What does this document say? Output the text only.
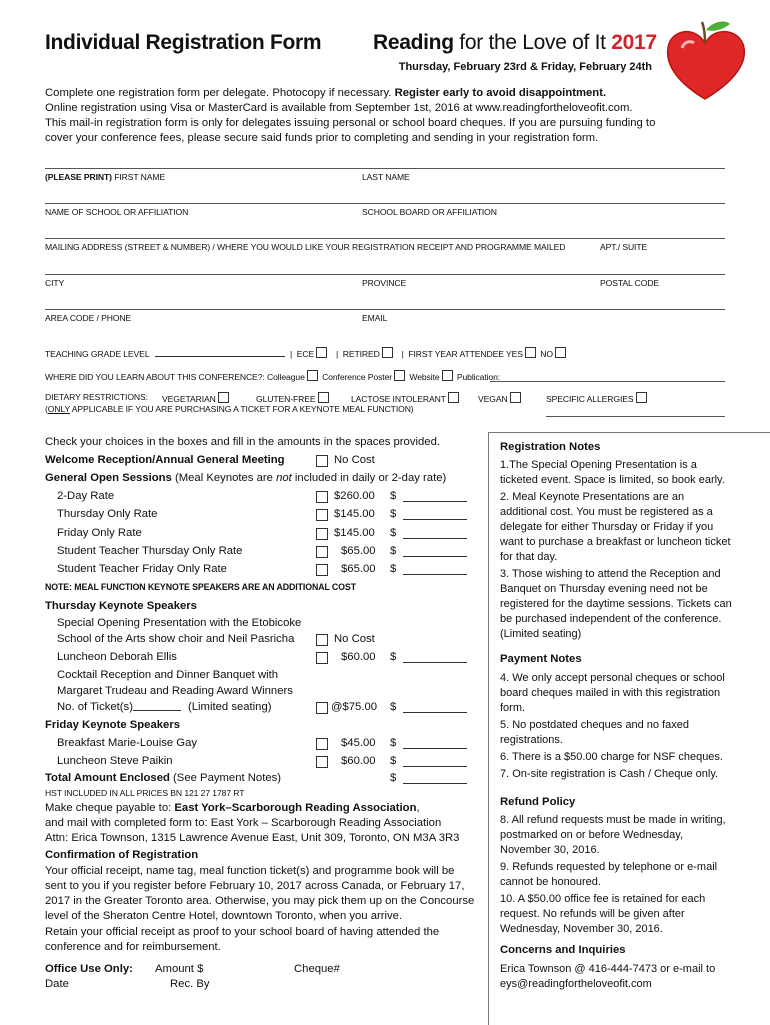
Individual Registration Form Reading for the Love of It 2017
Thursday, February 23rd & Friday, February 24th

Complete one registration form per delegate. Photocopy if necessary. Register early to avoid disappointment.

Online registration using Visa or MasterCard is available from September 1st, 2016 at www.readingfortheloveofit.com.

This mail-in registration form is only for delegates issuing personal or school board cheques. If you are pursuing funding to cover your conference fees, please secure said funds prior to completing and sending in your registration form.

(PLEASE PRINT) FIRST NAME	LAST NAME
NAME OF SCHOOL OR AFFILIATION	SCHOOL BOARD OR AFFILIATION
MAILING ADDRESS (STREET & NUMBER) / WHERE YOU WOULD LIKE YOUR REGISTRATION RECEIPT AND PROGRAMME MAILED	APT./ SUITE
CITY	PROVINCE	POSTAL CODE
AREA CODE / PHONE	EMAIL
TEACHING GRADE LEVEL	|  ECE   |  RETIRED   |  FIRST YEAR ATTENDEE YES NO
WHERE DID YOU LEARN ABOUT THIS CONFERENCE?: Colleague Conference Poster Website Publication:
DIETARY RESTRICTIONS: VEGETARIAN	GLUTEN-FREE	LACTOSE INTOLERANT	VEGAN	SPECIFIC ALLERGIES
(ONLY APPLICABLE IF YOU ARE PURCHASING A TICKET FOR A KEYNOTE MEAL FUNCTION)
Check your choices in the boxes and fill in the amounts in the spaces provided.
Welcome Reception/Annual General Meeting	No Cost
General Open Sessions (Meal Keynotes are not included in daily or 2-day rate)
2-Day Rate	$260.00 $
Thursday Only Rate	$145.00 $
Friday Only Rate	$145.00 $
Student Teacher Thursday Only Rate	$65.00 $
Student Teacher Friday Only Rate	$65.00 $
NOTE: MEAL FUNCTION KEYNOTE SPEAKERS ARE AN ADDITIONAL COST
Thursday Keynote Speakers
Special Opening Presentation with the Etobicoke
School of the Arts show choir and Neil Pasricha	No Cost
Luncheon Deborah Ellis	$60.00 $
Cocktail Reception and Dinner Banquet with
Margaret Trudeau and Reading Award Winners
No. of Ticket(s)	(Limited seating)	@$75.00 $
Friday Keynote Speakers
Breakfast Marie-Louise Gay	$45.00 $
Luncheon Steve Paikin	$60.00 $
Total Amount Enclosed (See Payment Notes)	$
HST INCLUDED IN ALL PRICES BN 121 27 1787 RT
Make cheque payable to: East York–Scarborough Reading Association,
and mail with completed form to: East York – Scarborough Reading Association
Attn: Erica Townson, 1315 Lawrence Avenue East, Unit 309, Toronto, ON M3A 3R3
Confirmation of Registration
Your official receipt, name tag, meal function ticket(s) and programme book will be sent to you if you register before February 10, 2017 across Canada, or February 17, 2017 in the Greater Toronto area. Otherwise, you may pick them up on the Concourse level of the Sheraton Centre Hotel, downtown Toronto, when you arrive.
Retain your official receipt as proof to your school board of having attended the conference and for reimbursement.
Office Use Only: Amount $	Cheque#
Date	Rec. By
Registration Notes
1.The Special Opening Presentation is a ticketed event. Space is limited, so book early.
2. Meal Keynote Presentations are an additional cost. You must be registered as a delegate for either Thursday or Friday if you want to purchase a breakfast or luncheon ticket for that day.
3. Those wishing to attend the Reception and Banquet on Thursday evening need not be registered for the daytime sessions. Tickets can be purchased independent of the conference. (Limited seating)
Payment Notes
4. We only accept personal cheques or school board cheques mailed in with this registration form.
5. No postdated cheques and no faxed registrations.
6. There is a $50.00 charge for NSF cheques.
7. On-site registration is Cash / Cheque only.
Refund Policy
8. All refund requests must be made in writing, postmarked on or before Wednesday, November 30, 2016.
9. Refunds requested by telephone or e-mail cannot be honoured.
10. A $50.00 office fee is retained for each request. No refunds will be given after Wednesday, November 30, 2016.
Concerns and Inquiries
Erica Townson @ 416-444-7473 or e-mail to eys@readingfortheloveofit.com
